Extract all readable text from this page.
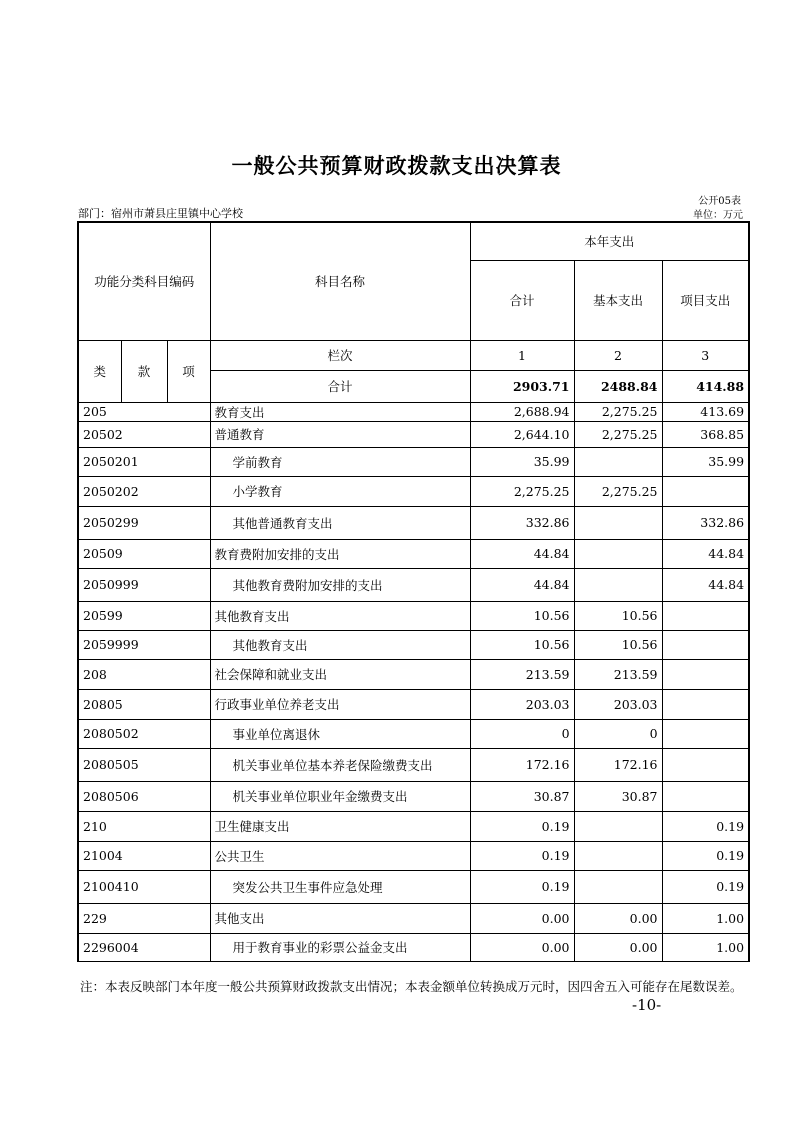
一般公共预算财政拨款支出决算表
公开05表
部门：宿州市萧县庄里镇中心学校	单位：万元
功能分类科目编码			科目名称	本年支出		
				合计	基本支出	项目支出

类	款	项	栏次	1	2	3
			合计	2903.71	2488.84	414.88
205			教育支出	2,688.94	2,275.25	413.69
20502			普通教育	2,644.10	2,275.25	368.85
2050201			学前教育	35.99		35.99
2050202			小学教育	2,275.25	2,275.25	
2050299			其他普通教育支出	332.86		332.86
20509			教育费附加安排的支出	44.84		44.84
2050999			其他教育费附加安排的支出	44.84		44.84
20599			其他教育支出	10.56	10.56	
2059999			其他教育支出	10.56	10.56	
208			社会保障和就业支出	213.59	213.59	
20805			行政事业单位养老支出	203.03	203.03	
2080502			事业单位离退休	0	0	
2080505			机关事业单位基本养老保险缴费支出	172.16	172.16	
2080506			机关事业单位职业年金缴费支出	30.87	30.87	
210			卫生健康支出	0.19		0.19
21004			公共卫生	0.19		0.19
2100410			突发公共卫生事件应急处理	0.19		0.19
229			其他支出	0.00	0.00	1.00
2296004			用于教育事业的彩票公益金支出	0.00	0.00	1.00
注：本表反映部门本年度一般公共预算财政拨款支出情况；本表金额单位转换成万元时，因四舍五入可能存在尾数误差。
-10-
